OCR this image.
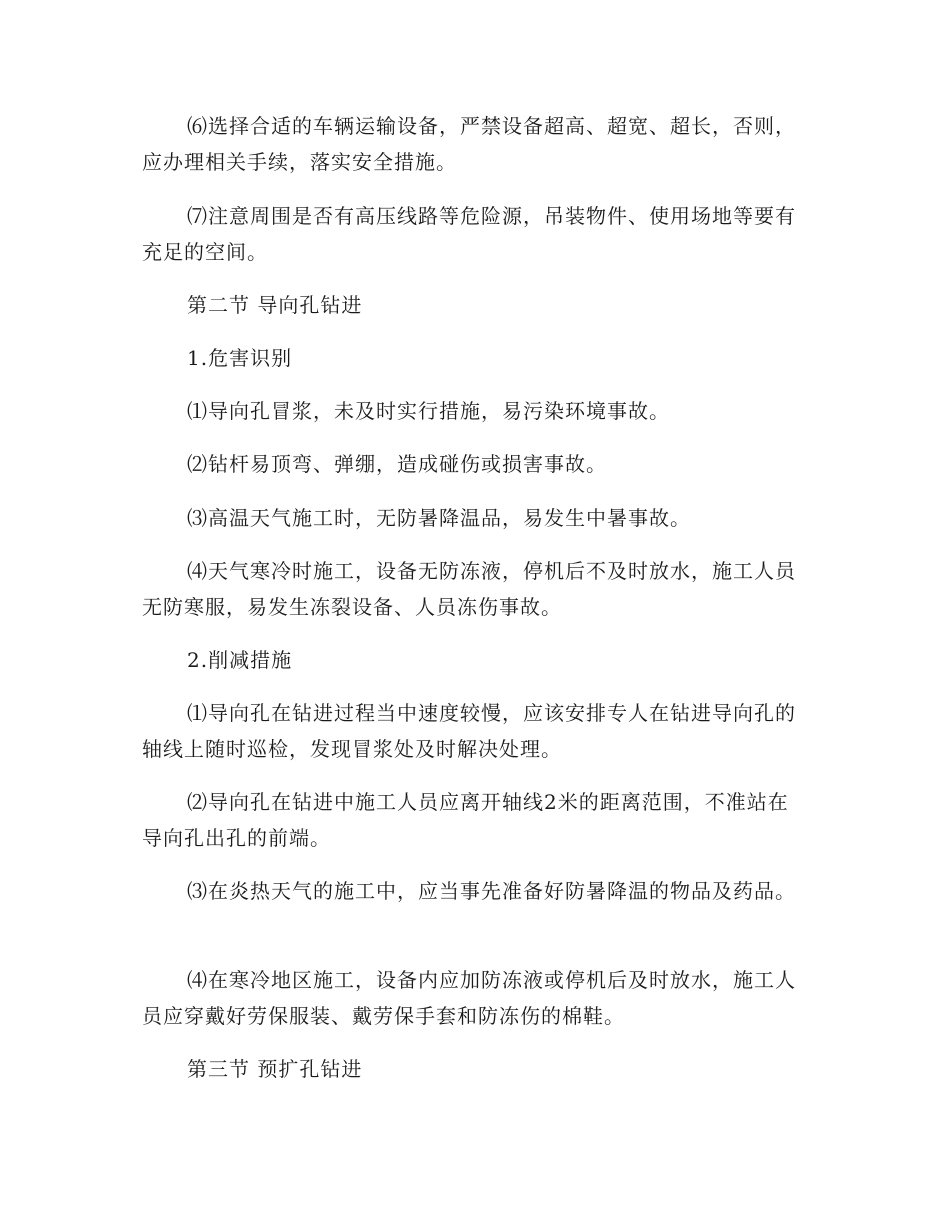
⑹选择合适的车辆运输设备，严禁设备超高、超宽、超长，否则，应办理相关手续，落实安全措施。

⑺注意周围是否有高压线路等危险源，吊装物件、使用场地等要有充足的空间。

第二节 导向孔钻进

1.危害识别

⑴导向孔冒浆，未及时实行措施，易污染环境事故。

⑵钻杆易顶弯、弹绷，造成碰伤或损害事故。

⑶高温天气施工时，无防暑降温品，易发生中暑事故。

⑷天气寒冷时施工，设备无防冻液，停机后不及时放水，施工人员无防寒服，易发生冻裂设备、人员冻伤事故。

2.削减措施

⑴导向孔在钻进过程当中速度较慢，应该安排专人在钻进导向孔的轴线上随时巡检，发现冒浆处及时解决处理。

⑵导向孔在钻进中施工人员应离开轴线2米的距离范围，不准站在导向孔出孔的前端。

⑶在炎热天气的施工中，应当事先准备好防暑降温的物品及药品。

⑷在寒冷地区施工，设备内应加防冻液或停机后及时放水，施工人员应穿戴好劳保服装、戴劳保手套和防冻伤的棉鞋。

第三节 预扩孔钻进
